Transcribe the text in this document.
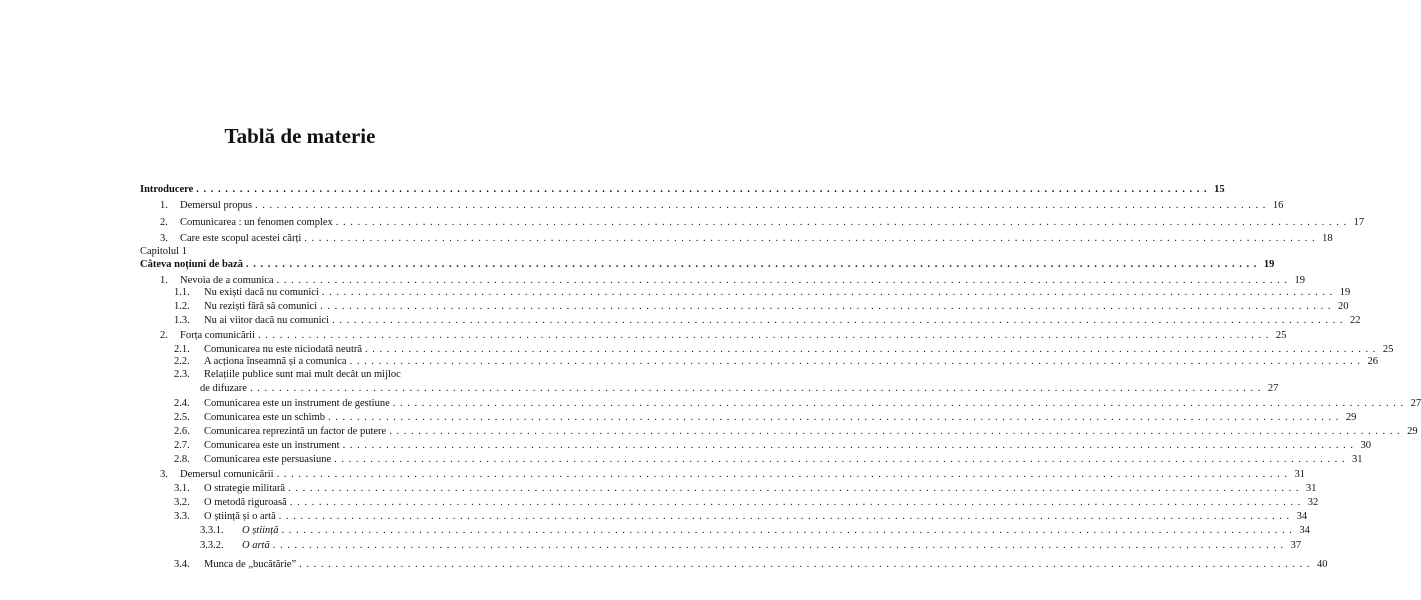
Tablă de materie
Introducere . . . . . . . . . . . . . . . . . . . . . . . . . . . . . . . . . . . . . . . . . . . . . . . . . . . . . . . . . . . . . . . . . . . . . . . . . . . . . . . . . . . . . . . . . . . . . . . . . . . . . . . . . . . . . . . . . . . . . . . . . . . . . . . . . . . . . . . . . . . . 15
1.	Demersul propus . . . . . . . . . . . . . . . . . . . . . . . . . . . . . . . . . . . . . . . . . . . . . . . . . . . . . . . . . . . . . . . . . . . . . . . . . . . . . . . . . . . . . . . . . . . . . . . . . . . . . . . . . . . . . . . . . . . . . . . . . . . . . . . . . . . . . . . . . . . . 16
2.	Comunicarea : un fenomen complex . . . . . . . . . . . . . . . . . . . . . . . . . . . . . . . . . . . . . . . . . . . . . . . . . . . . . . . . . . . . . . . . . . . . . . . . . . . . . . . . . . . . . . . . . . . . . . . . . . . . . . . . . . . . . . . . . . . . . . . . . . . . . . . . . . . . . . . . . . . . 17
3.	Care este scopul acestei cărți . . . . . . . . . . . . . . . . . . . . . . . . . . . . . . . . . . . . . . . . . . . . . . . . . . . . . . . . . . . . . . . . . . . . . . . . . . . . . . . . . . . . . . . . . . . . . . . . . . . . . . . . . . . . . . . . . . . . . . . . . . . . . . . . . . . . . . . . . . . . 18
Capitolul 1
Câteva noțiuni de bază . . . . . . . . . . . . . . . . . . . . . . . . . . . . . . . . . . . . . . . . . . . . . . . . . . . . . . . . . . . . . . . . . . . . . . . . . . . . . . . . . . . . . . . . . . . . . . . . . . . . . . . . . . . . . . . . . . . . . . . . . . . . . . . . . . . . . . . . . . . . 19
1.	Nevoia de a comunica . . . . . . . . . . . . . . . . . . . . . . . . . . . . . . . . . . . . . . . . . . . . . . . . . . . . . . . . . . . . . . . . . . . . . . . . . . . . . . . . . . . . . . . . . . . . . . . . . . . . . . . . . . . . . . . . . . . . . . . . . . . . . . . . . . . . . . . . . . . . 19
1.1.	Nu exiști dacă nu comunici . . . . . . . . . . . . . . . . . . . . . . . . . . . . . . . . . . . . . . . . . . . . . . . . . . . . . . . . . . . . . . . . . . . . . . . . . . . . . . . . . . . . . . . . . . . . . . . . . . . . . . . . . . . . . . . . . . . . . . . . . . . . . . . . . . . . . . . . . . . . 19
1.2.	Nu reziști fără să comunici . . . . . . . . . . . . . . . . . . . . . . . . . . . . . . . . . . . . . . . . . . . . . . . . . . . . . . . . . . . . . . . . . . . . . . . . . . . . . . . . . . . . . . . . . . . . . . . . . . . . . . . . . . . . . . . . . . . . . . . . . . . . . . . . . . . . . . . . . . . . 20
1.3.	Nu ai viitor dacă nu comunici . . . . . . . . . . . . . . . . . . . . . . . . . . . . . . . . . . . . . . . . . . . . . . . . . . . . . . . . . . . . . . . . . . . . . . . . . . . . . . . . . . . . . . . . . . . . . . . . . . . . . . . . . . . . . . . . . . . . . . . . . . . . . . . . . . . . . . . . . . . . 22
2.	Forța comunicării . . . . . . . . . . . . . . . . . . . . . . . . . . . . . . . . . . . . . . . . . . . . . . . . . . . . . . . . . . . . . . . . . . . . . . . . . . . . . . . . . . . . . . . . . . . . . . . . . . . . . . . . . . . . . . . . . . . . . . . . . . . . . . . . . . . . . . . . . . . . 25
2.1.	Comunicarea nu este niciodată neutră . . . . . . . . . . . . . . . . . . . . . . . . . . . . . . . . . . . . . . . . . . . . . . . . . . . . . . . . . . . . . . . . . . . . . . . . . . . . . . . . . . . . . . . . . . . . . . . . . . . . . . . . . . . . . . . . . . . . . . . . . . . . . . . . . . . . . . . . . . . . 25
2.2.	A acționa înseamnă și a comunica . . . . . . . . . . . . . . . . . . . . . . . . . . . . . . . . . . . . . . . . . . . . . . . . . . . . . . . . . . . . . . . . . . . . . . . . . . . . . . . . . . . . . . . . . . . . . . . . . . . . . . . . . . . . . . . . . . . . . . . . . . . . . . . . . . . . . . . . . . . . 26
2.3.	Relațiile publice sunt mai mult decât un mijloc
de difuzare . . . . . . . . . . . . . . . . . . . . . . . . . . . . . . . . . . . . . . . . . . . . . . . . . . . . . . . . . . . . . . . . . . . . . . . . . . . . . . . . . . . . . . . . . . . . . . . . . . . . . . . . . . . . . . . . . . . . . . . . . . . . . . . . . . . . . . . . . . . . 27
2.4.	Comunicarea este un instrument de gestiune . . . . . . . . . . . . . . . . . . . . . . . . . . . . . . . . . . . . . . . . . . . . . . . . . . . . . . . . . . . . . . . . . . . . . . . . . . . . . . . . . . . . . . . . . . . . . . . . . . . . . . . . . . . . . . . . . . . . . . . . . . . . . . . . . . . . . . . . . . . . 27
2.5.	Comunicarea este un schimb . . . . . . . . . . . . . . . . . . . . . . . . . . . . . . . . . . . . . . . . . . . . . . . . . . . . . . . . . . . . . . . . . . . . . . . . . . . . . . . . . . . . . . . . . . . . . . . . . . . . . . . . . . . . . . . . . . . . . . . . . . . . . . . . . . . . . . . . . . . . 29
2.6.	Comunicarea reprezintă un factor de putere . . . . . . . . . . . . . . . . . . . . . . . . . . . . . . . . . . . . . . . . . . . . . . . . . . . . . . . . . . . . . . . . . . . . . . . . . . . . . . . . . . . . . . . . . . . . . . . . . . . . . . . . . . . . . . . . . . . . . . . . . . . . . . . . . . . . . . . . . . . . 29
2.7.	Comunicarea este un instrument . . . . . . . . . . . . . . . . . . . . . . . . . . . . . . . . . . . . . . . . . . . . . . . . . . . . . . . . . . . . . . . . . . . . . . . . . . . . . . . . . . . . . . . . . . . . . . . . . . . . . . . . . . . . . . . . . . . . . . . . . . . . . . . . . . . . . . . . . . . . 30
2.8.	Comunicarea este persuasiune . . . . . . . . . . . . . . . . . . . . . . . . . . . . . . . . . . . . . . . . . . . . . . . . . . . . . . . . . . . . . . . . . . . . . . . . . . . . . . . . . . . . . . . . . . . . . . . . . . . . . . . . . . . . . . . . . . . . . . . . . . . . . . . . . . . . . . . . . . . . 31
3.	Demersul comunicării . . . . . . . . . . . . . . . . . . . . . . . . . . . . . . . . . . . . . . . . . . . . . . . . . . . . . . . . . . . . . . . . . . . . . . . . . . . . . . . . . . . . . . . . . . . . . . . . . . . . . . . . . . . . . . . . . . . . . . . . . . . . . . . . . . . . . . . . . . . . 31
3.1.	O strategie militară . . . . . . . . . . . . . . . . . . . . . . . . . . . . . . . . . . . . . . . . . . . . . . . . . . . . . . . . . . . . . . . . . . . . . . . . . . . . . . . . . . . . . . . . . . . . . . . . . . . . . . . . . . . . . . . . . . . . . . . . . . . . . . . . . . . . . . . . . . . . 31
3.2.	O metodă riguroasă . . . . . . . . . . . . . . . . . . . . . . . . . . . . . . . . . . . . . . . . . . . . . . . . . . . . . . . . . . . . . . . . . . . . . . . . . . . . . . . . . . . . . . . . . . . . . . . . . . . . . . . . . . . . . . . . . . . . . . . . . . . . . . . . . . . . . . . . . . . . 32
3.3.	O știință și o artă . . . . . . . . . . . . . . . . . . . . . . . . . . . . . . . . . . . . . . . . . . . . . . . . . . . . . . . . . . . . . . . . . . . . . . . . . . . . . . . . . . . . . . . . . . . . . . . . . . . . . . . . . . . . . . . . . . . . . . . . . . . . . . . . . . . . . . . . . . . . 34
3.3.1.	O știință . . . . . . . . . . . . . . . . . . . . . . . . . . . . . . . . . . . . . . . . . . . . . . . . . . . . . . . . . . . . . . . . . . . . . . . . . . . . . . . . . . . . . . . . . . . . . . . . . . . . . . . . . . . . . . . . . . . . . . . . . . . . . . . . . . . . . . . . . . . . 34
3.3.2.	O artă . . . . . . . . . . . . . . . . . . . . . . . . . . . . . . . . . . . . . . . . . . . . . . . . . . . . . . . . . . . . . . . . . . . . . . . . . . . . . . . . . . . . . . . . . . . . . . . . . . . . . . . . . . . . . . . . . . . . . . . . . . . . . . . . . . . . . . . . . . . . 37
3.4.	Munca de „bucătărie” . . . . . . . . . . . . . . . . . . . . . . . . . . . . . . . . . . . . . . . . . . . . . . . . . . . . . . . . . . . . . . . . . . . . . . . . . . . . . . . . . . . . . . . . . . . . . . . . . . . . . . . . . . . . . . . . . . . . . . . . . . . . . . . . . . . . . . . . . . . . 40
